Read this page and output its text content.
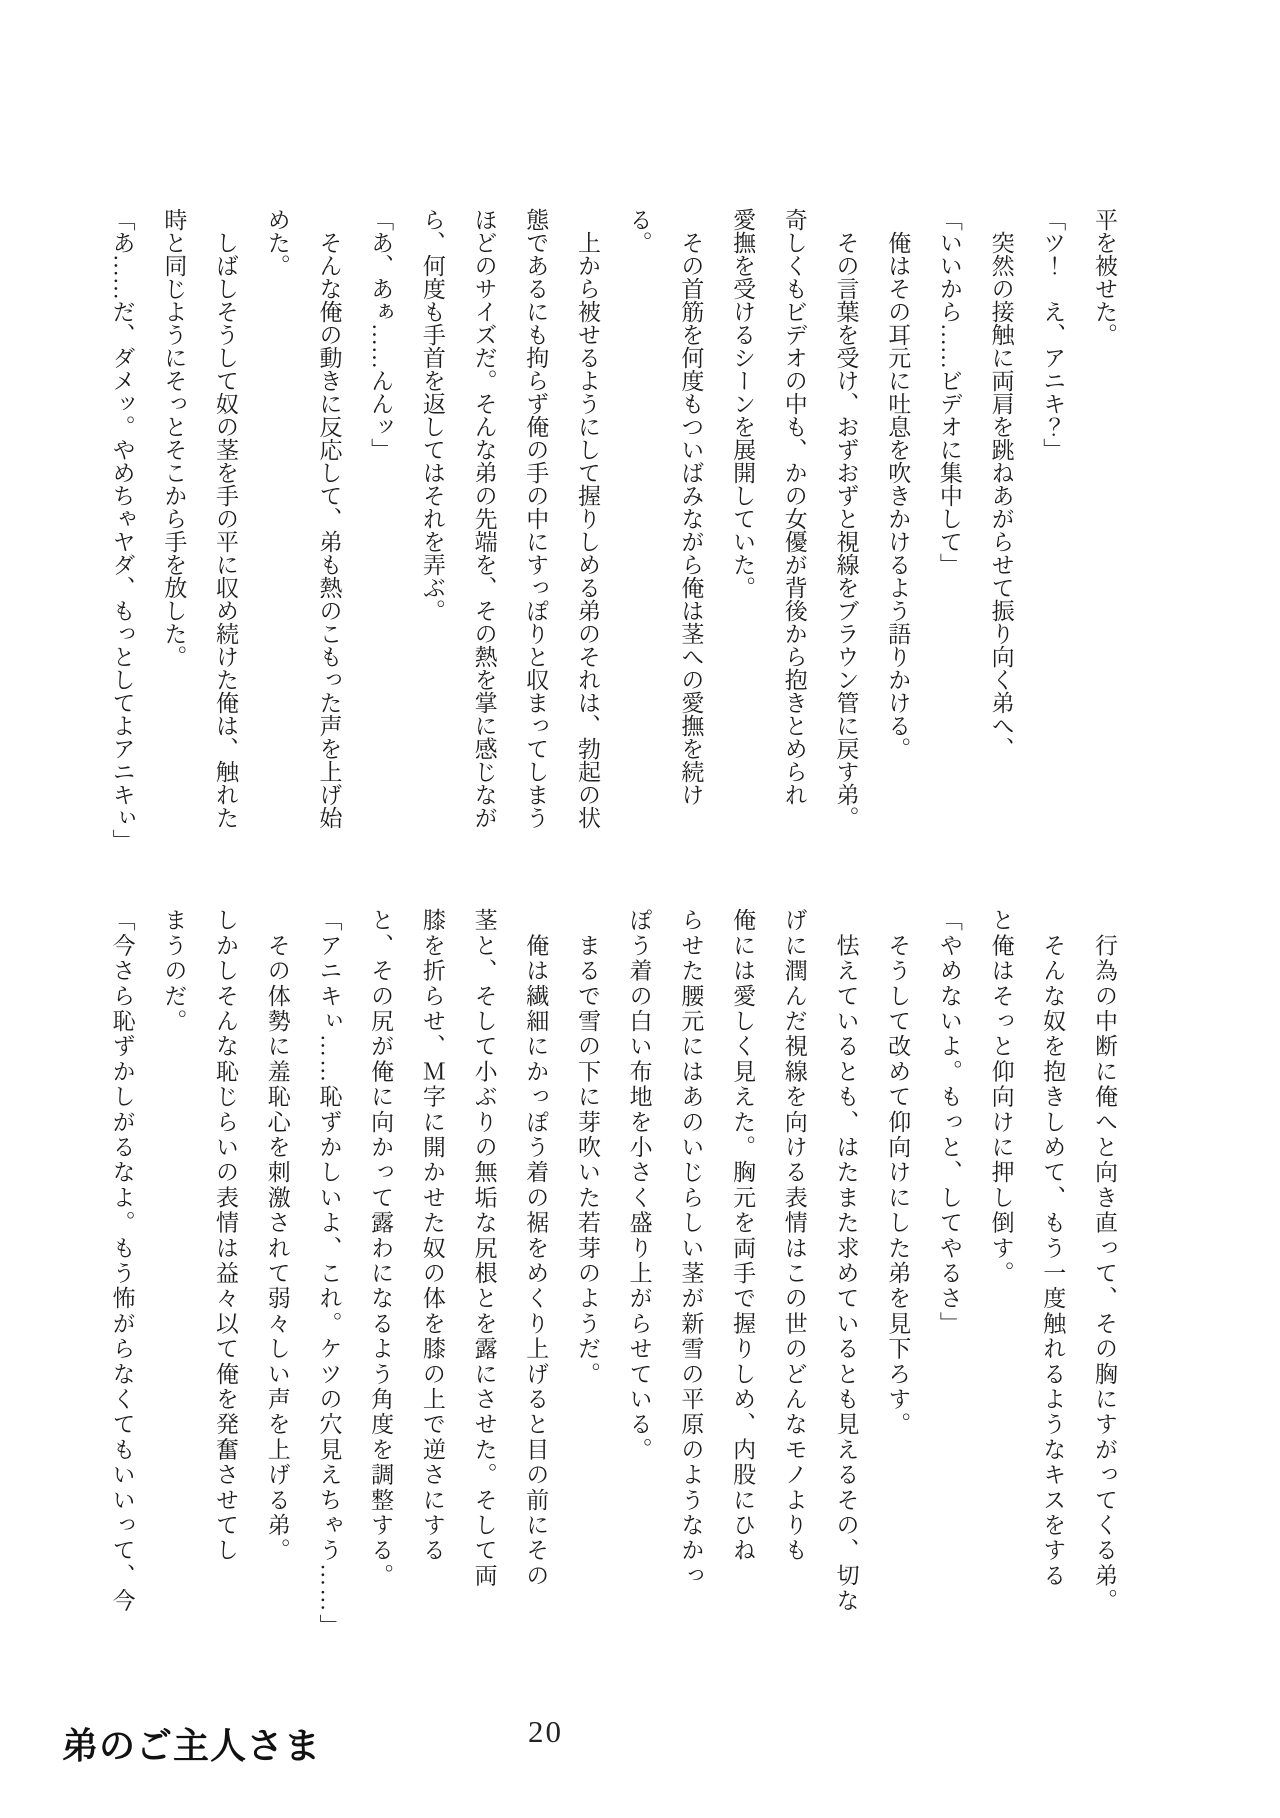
平を被せた。

「ツ！　え、アニキ？」

　突然の接触に両肩を跳ねあがらせて振り向く弟へ、

「いいから……ビデオに集中して」

　俺はその耳元に吐息を吹きかけるよう語りかける。

　その言葉を受け、おずおずと視線をブラウン管に戻す弟。

奇しくもビデオの中も、かの女優が背後から抱きとめられ

愛撫を受けるシーンを展開していた。

　その首筋を何度もついばみながら俺は茎への愛撫を続け

る。

　上から被せるようにして握りしめる弟のそれは、勃起の状

態であるにも拘らず俺の手の中にすっぽりと収まってしまう

ほどのサイズだ。そんな弟の先端を、その熱を掌に感じなが

ら、何度も手首を返してはそれを弄ぶ。

「あ、あぁ……んんッ」

　そんな俺の動きに反応して、弟も熱のこもった声を上げ始

めた。

　しばしそうして奴の茎を手の平に収め続けた俺は、触れた

時と同じようにそっとそこから手を放した。

「あ……だ、ダメッ。やめちゃヤダ、もっとしてよアニキぃ」

　行為の中断に俺へと向き直って、その胸にすがってくる弟。

　そんな奴を抱きしめて、もう一度触れるようなキスをする

と俺はそっと仰向けに押し倒す。

「やめないよ。もっと、してやるさ」

　そうして改めて仰向けにした弟を見下ろす。

　怯えているとも、はたまた求めているとも見えるその、切な

げに潤んだ視線を向ける表情はこの世のどんなモノよりも

俺には愛しく見えた。胸元を両手で握りしめ、内股にひね

らせた腰元にはあのいじらしい茎が新雪の平原のようなかっ

ぽう着の白い布地を小さく盛り上がらせている。

　まるで雪の下に芽吹いた若芽のようだ。

　俺は繊細にかっぽう着の裾をめくり上げると目の前にその

茎と、そして小ぶりの無垢な尻根とを露にさせた。そして両

膝を折らせ、Ｍ字に開かせた奴の体を膝の上で逆さにする

と、その尻が俺に向かって露わになるよう角度を調整する。

「アニキぃ……恥ずかしいよ、これ。ケツの穴見えちゃう……」

　その体勢に羞恥心を刺激されて弱々しい声を上げる弟。

しかしそんな恥じらいの表情は益々以て俺を発奮させてし

まうのだ。

「今さら恥ずかしがるなよ。もう怖がらなくてもいいって、今

弟のご主人さま	20
